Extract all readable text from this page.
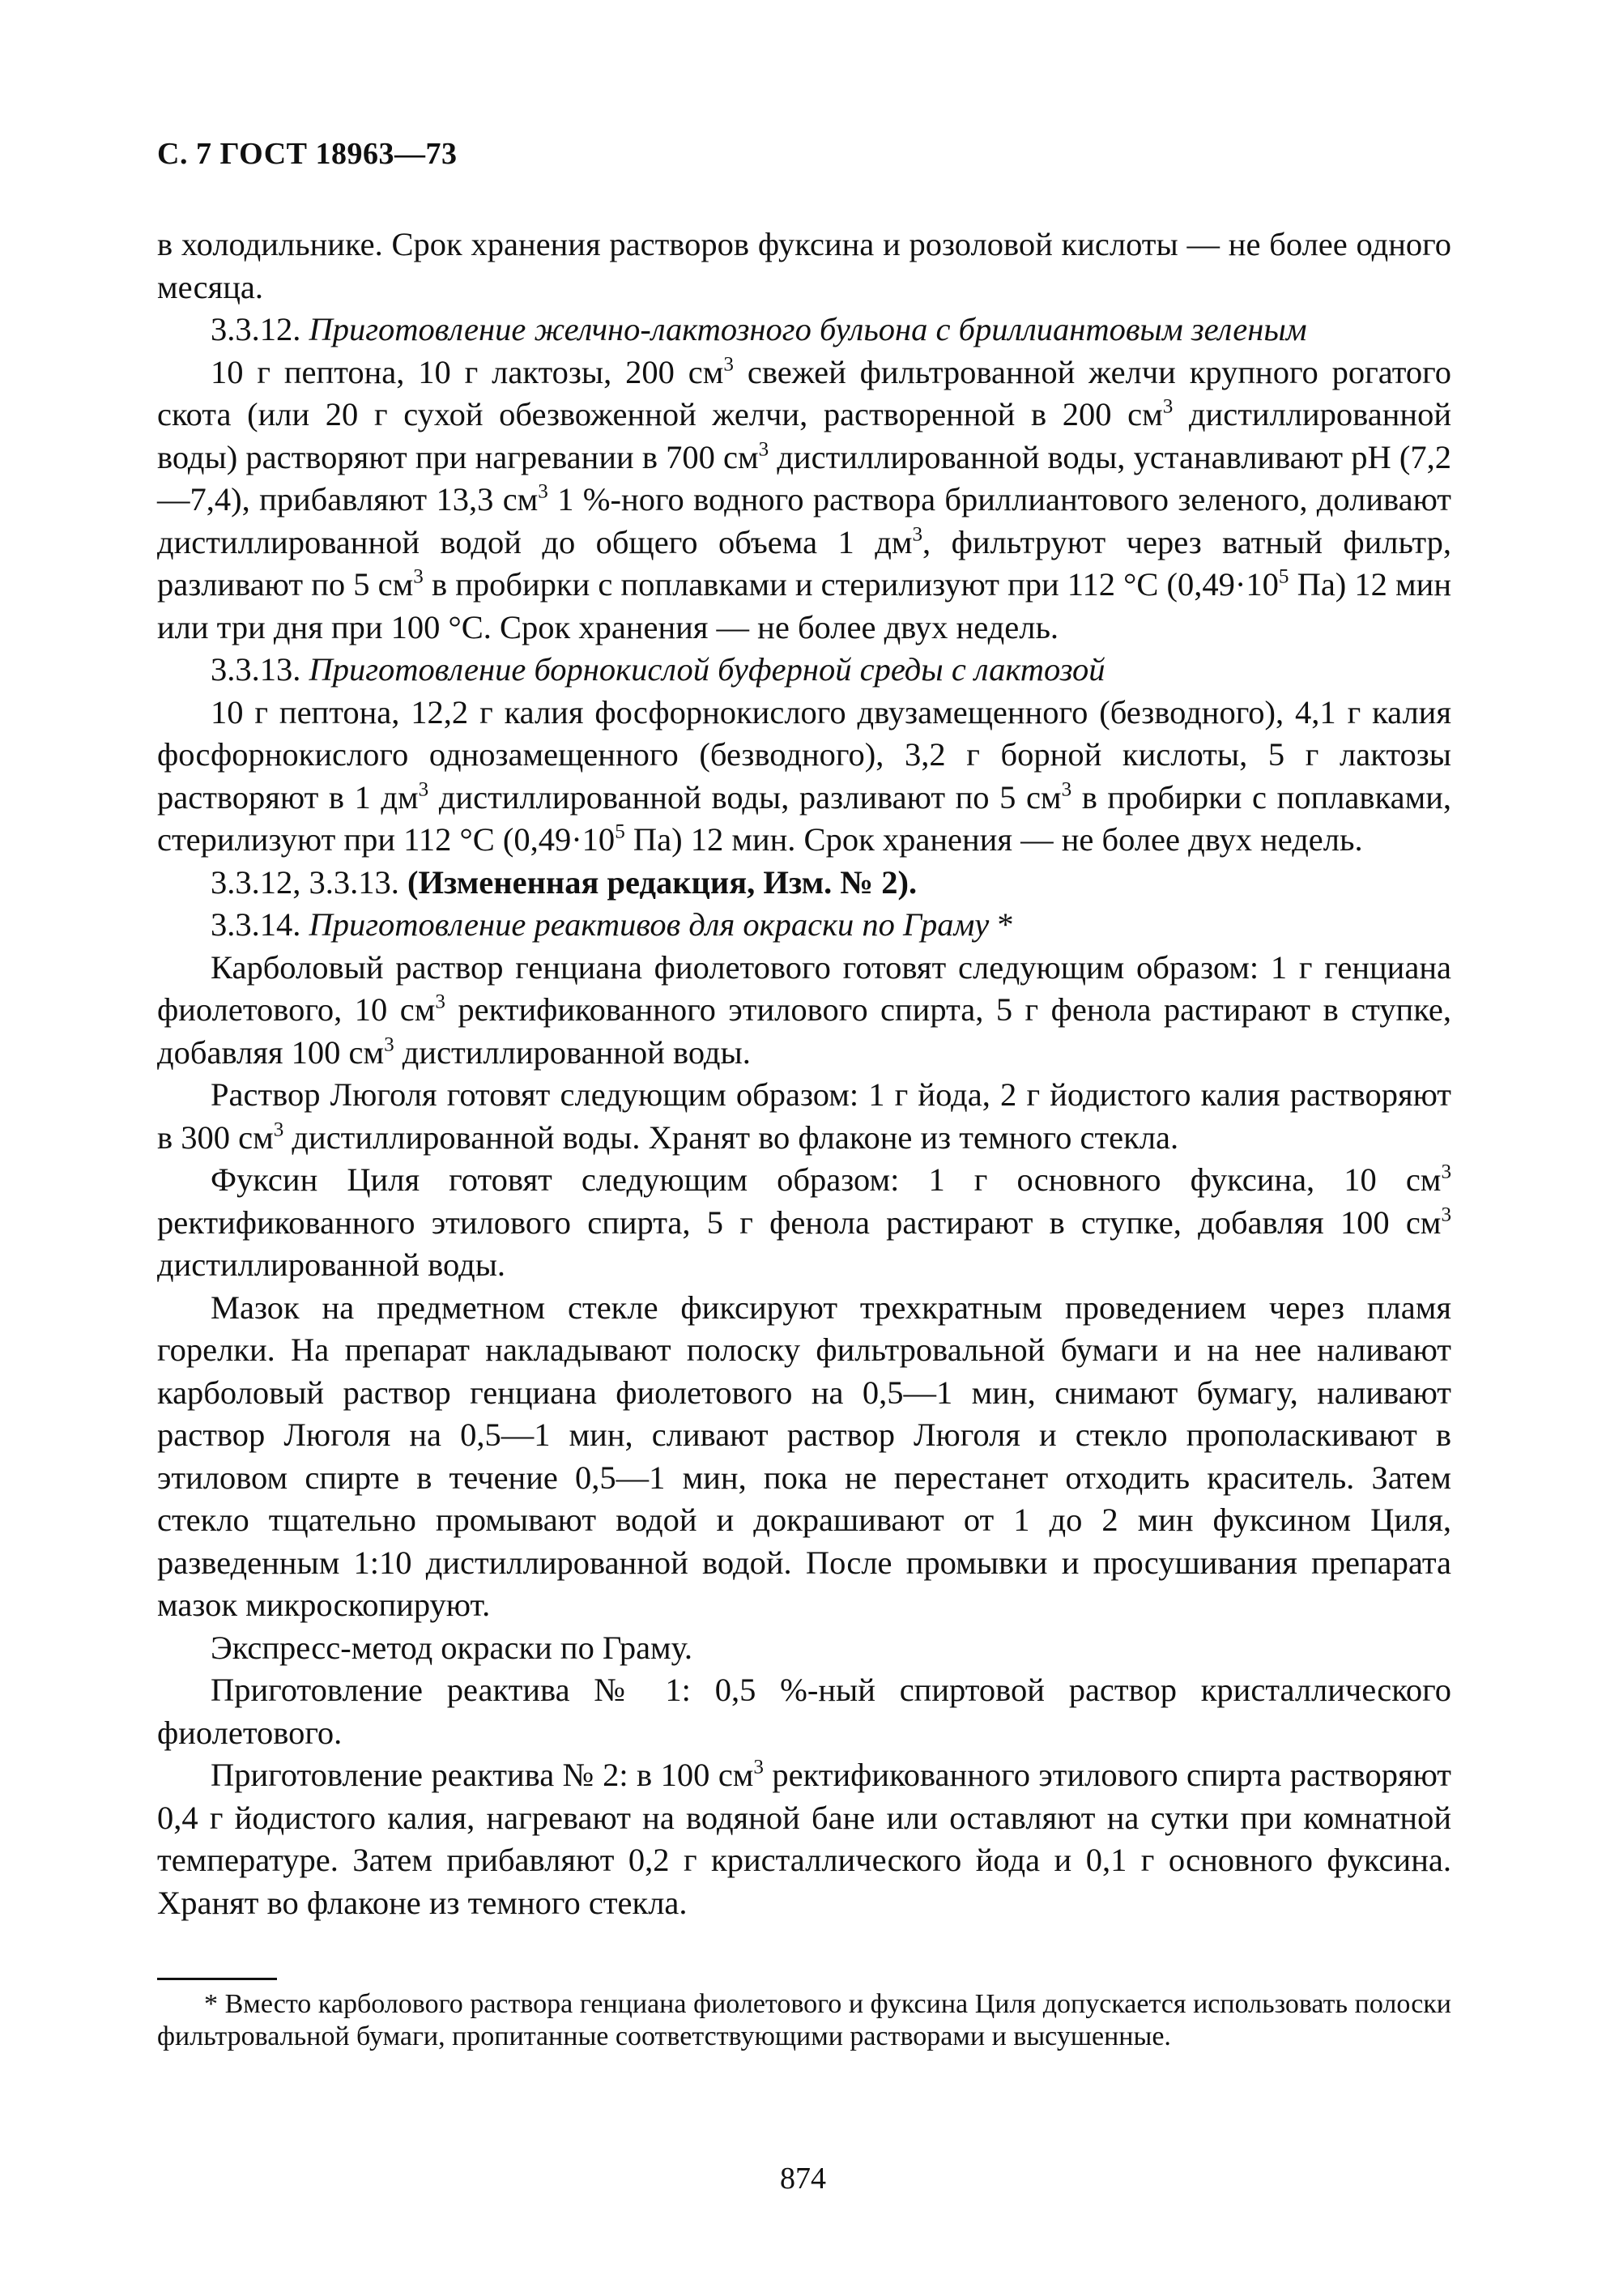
С. 7 ГОСТ 18963—73

в холодильнике. Срок хранения растворов фуксина и розоловой кислоты — не более одного месяца.

3.3.12. Приготовление желчно-лактозного бульона с бриллиантовым зеленым

10 г пептона, 10 г лактозы, 200 $см^3$ свежей фильтрованной желчи крупного рогатого скота (или 20 г сухой обезвоженной желчи, растворенной в 200 $см^3$ дистиллированной воды) растворяют при нагревании в 700 $см^3$ дистиллированной воды, устанавливают pH (7,2—7,4), прибавляют 13,3 $см^3$ 1 %-ного водного раствора бриллиантового зеленого, доливают дистиллированной водой до общего объема 1 $дм^3$, фильтруют через ватный фильтр, разливают по 5 $см^3$ в пробирки с поплавками и стерилизуют при 112 °С ($0,49\cdot 10^5$ Па) 12 мин или три дня при 100 °С. Срок хранения — не более двух недель.

3.3.13. Приготовление борнокислой буферной среды с лактозой

10 г пептона, 12,2 г калия фосфорнокислого двузамещенного (безводного), 4,1 г калия фосфорнокислого однозамещенного (безводного), 3,2 г борной кислоты, 5 г лактозы растворяют в 1 $дм^3$ дистиллированной воды, разливают по 5 $см^3$ в пробирки с поплавками, стерилизуют при 112 °С ($0,49\cdot 10^5$ Па) 12 мин. Срок хранения — не более двух недель.

3.3.12, 3.3.13. (Измененная редакция, Изм. № 2).

3.3.14. Приготовление реактивов для окраски по Граму *

Карболовый раствор генциана фиолетового готовят следующим образом: 1 г генциана фиолетового, 10 $см^3$ ректификованного этилового спирта, 5 г фенола растирают в ступке, добавляя 100 $см^3$ дистиллированной воды.

Раствор Люголя готовят следующим образом: 1 г йода, 2 г йодистого калия растворяют в 300 $см^3$ дистиллированной воды. Хранят во флаконе из темного стекла.

Фуксин Циля готовят следующим образом: 1 г основного фуксина, 10 $см^3$ ректификованного этилового спирта, 5 г фенола растирают в ступке, добавляя 100 $см^3$ дистиллированной воды.

Мазок на предметном стекле фиксируют трехкратным проведением через пламя горелки. На препарат накладывают полоску фильтровальной бумаги и на нее наливают карболовый раствор генциана фиолетового на 0,5—1 мин, снимают бумагу, наливают раствор Люголя на 0,5—1 мин, сливают раствор Люголя и стекло прополаскивают в этиловом спирте в течение 0,5—1 мин, пока не перестанет отходить краситель. Затем стекло тщательно промывают водой и докрашивают от 1 до 2 мин фуксином Циля, разведенным 1:10 дистиллированной водой. После промывки и просушивания препарата мазок микроскопируют.

Экспресс-метод окраски по Граму.

Приготовление реактива № 1: 0,5 %-ный спиртовой раствор кристаллического фиолетового.

Приготовление реактива № 2: в 100 $см^3$ ректификованного этилового спирта растворяют 0,4 г йодистого калия, нагревают на водяной бане или оставляют на сутки при комнатной температуре. Затем прибавляют 0,2 г кристаллического йода и 0,1 г основного фуксина. Хранят во флаконе из темного стекла.

* Вместо карболового раствора генциана фиолетового и фуксина Циля допускается использовать полоски фильтровальной бумаги, пропитанные соответствующими растворами и высушенные.

874
